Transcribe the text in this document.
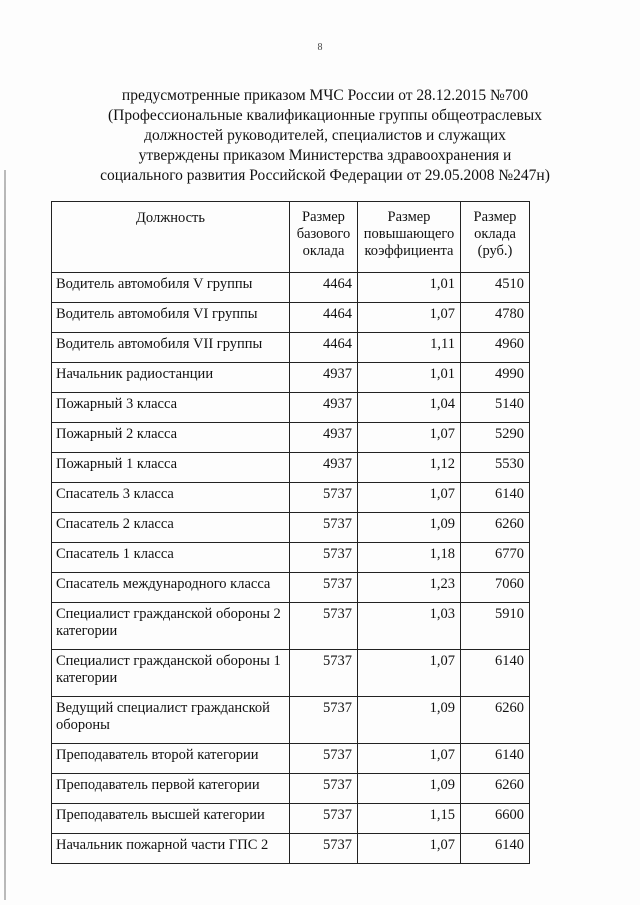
8
предусмотренные приказом МЧС России от 28.12.2015 №700
(Профессиональные квалификационные группы общеотраслевых
должностей руководителей, специалистов и служащих
утверждены приказом Министерства здравоохранения и
социального развития Российской Федерации от 29.05.2008 №247н)
Должность	Размер базового оклада	Размер повышающего коэффициента	Размер оклада (руб.)
Водитель автомобиля V группы	4464	1,01	4510
Водитель автомобиля VI группы	4464	1,07	4780
Водитель автомобиля VII группы	4464	1,11	4960
Начальник радиостанции	4937	1,01	4990
Пожарный 3 класса	4937	1,04	5140
Пожарный 2 класса	4937	1,07	5290
Пожарный 1 класса	4937	1,12	5530
Спасатель 3 класса	5737	1,07	6140
Спасатель 2 класса	5737	1,09	6260
Спасатель 1 класса	5737	1,18	6770
Спасатель международного класса	5737	1,23	7060
Специалист гражданской обороны 2 категории	5737	1,03	5910
Специалист гражданской обороны 1 категории	5737	1,07	6140
Ведущий специалист гражданской обороны	5737	1,09	6260
Преподаватель второй категории	5737	1,07	6140
Преподаватель первой категории	5737	1,09	6260
Преподаватель высшей категории	5737	1,15	6600
Начальник пожарной части ГПС 2	5737	1,07	6140
